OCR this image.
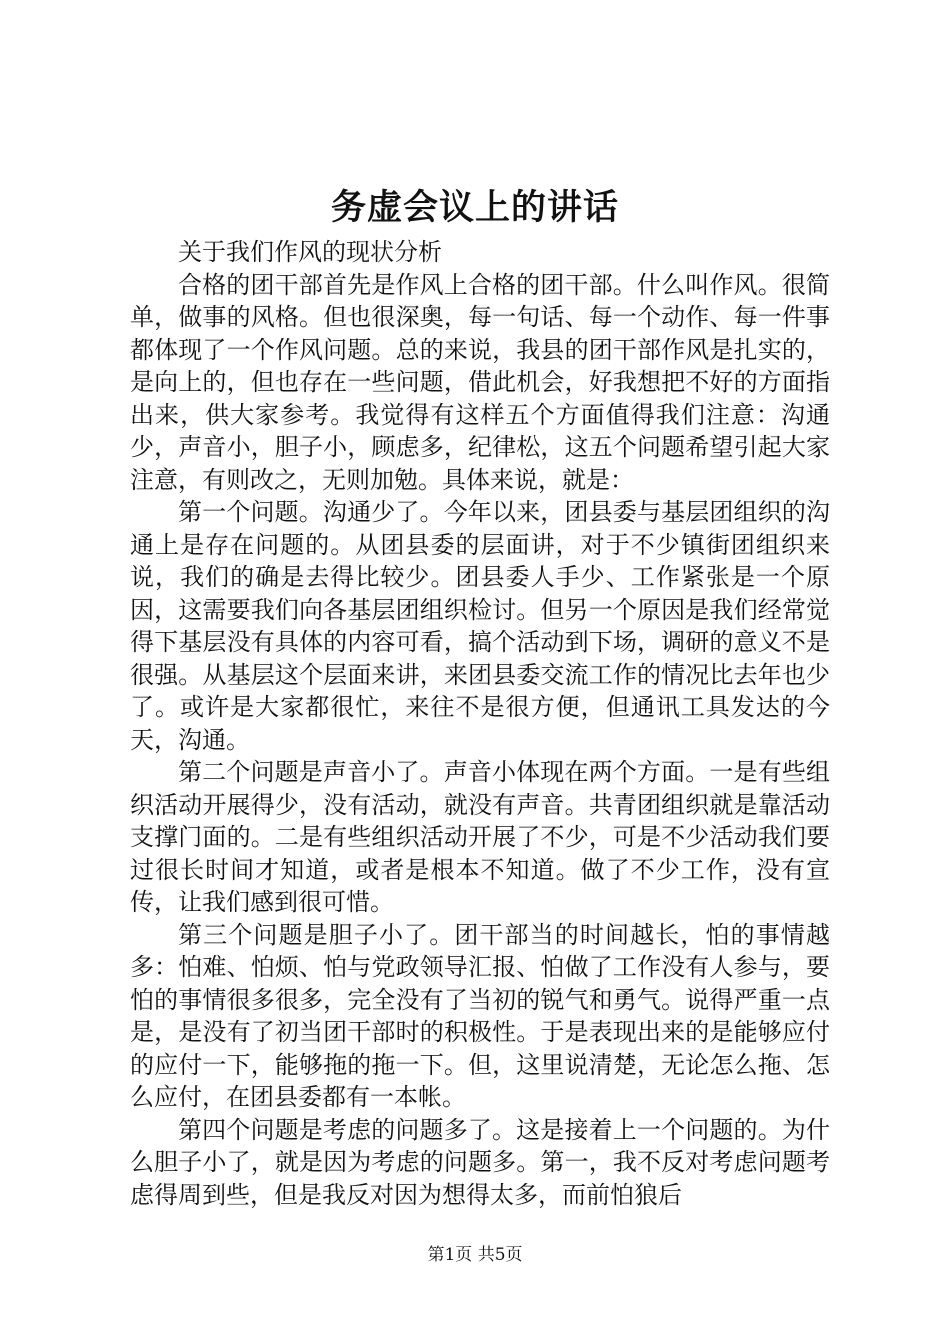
务虚会议上的讲话

关于我们作风的现状分析

合格的团干部首先是作风上合格的团干部。什么叫作风。很简单，做事的风格。但也很深奥，每一句话、每一个动作、每一件事都体现了一个作风问题。总的来说，我县的团干部作风是扎实的，是向上的，但也存在一些问题，借此机会，好我想把不好的方面指出来，供大家参考。我觉得有这样五个方面值得我们注意：沟通少，声音小，胆子小，顾虑多，纪律松，这五个问题希望引起大家注意，有则改之，无则加勉。具体来说，就是：

第一个问题。沟通少了。今年以来，团县委与基层团组织的沟通上是存在问题的。从团县委的层面讲，对于不少镇街团组织来说，我们的确是去得比较少。团县委人手少、工作紧张是一个原因，这需要我们向各基层团组织检讨。但另一个原因是我们经常觉得下基层没有具体的内容可看，搞个活动到下场，调研的意义不是很强。从基层这个层面来讲，来团县委交流工作的情况比去年也少了。或许是大家都很忙，来往不是很方便，但通讯工具发达的今天，沟通。

第二个问题是声音小了。声音小体现在两个方面。一是有些组织活动开展得少，没有活动，就没有声音。共青团组织就是靠活动支撑门面的。二是有些组织活动开展了不少，可是不少活动我们要过很长时间才知道，或者是根本不知道。做了不少工作，没有宣传，让我们感到很可惜。

第三个问题是胆子小了。团干部当的时间越长，怕的事情越多：怕难、怕烦、怕与党政领导汇报、怕做了工作没有人参与，要怕的事情很多很多，完全没有了当初的锐气和勇气。说得严重一点是，是没有了初当团干部时的积极性。于是表现出来的是能够应付的应付一下，能够拖的拖一下。但，这里说清楚，无论怎么拖、怎么应付，在团县委都有一本帐。

第四个问题是考虑的问题多了。这是接着上一个问题的。为什么胆子小了，就是因为考虑的问题多。第一，我不反对考虑问题考虑得周到些，但是我反对因为想得太多，而前怕狼后

第1页 共5页
